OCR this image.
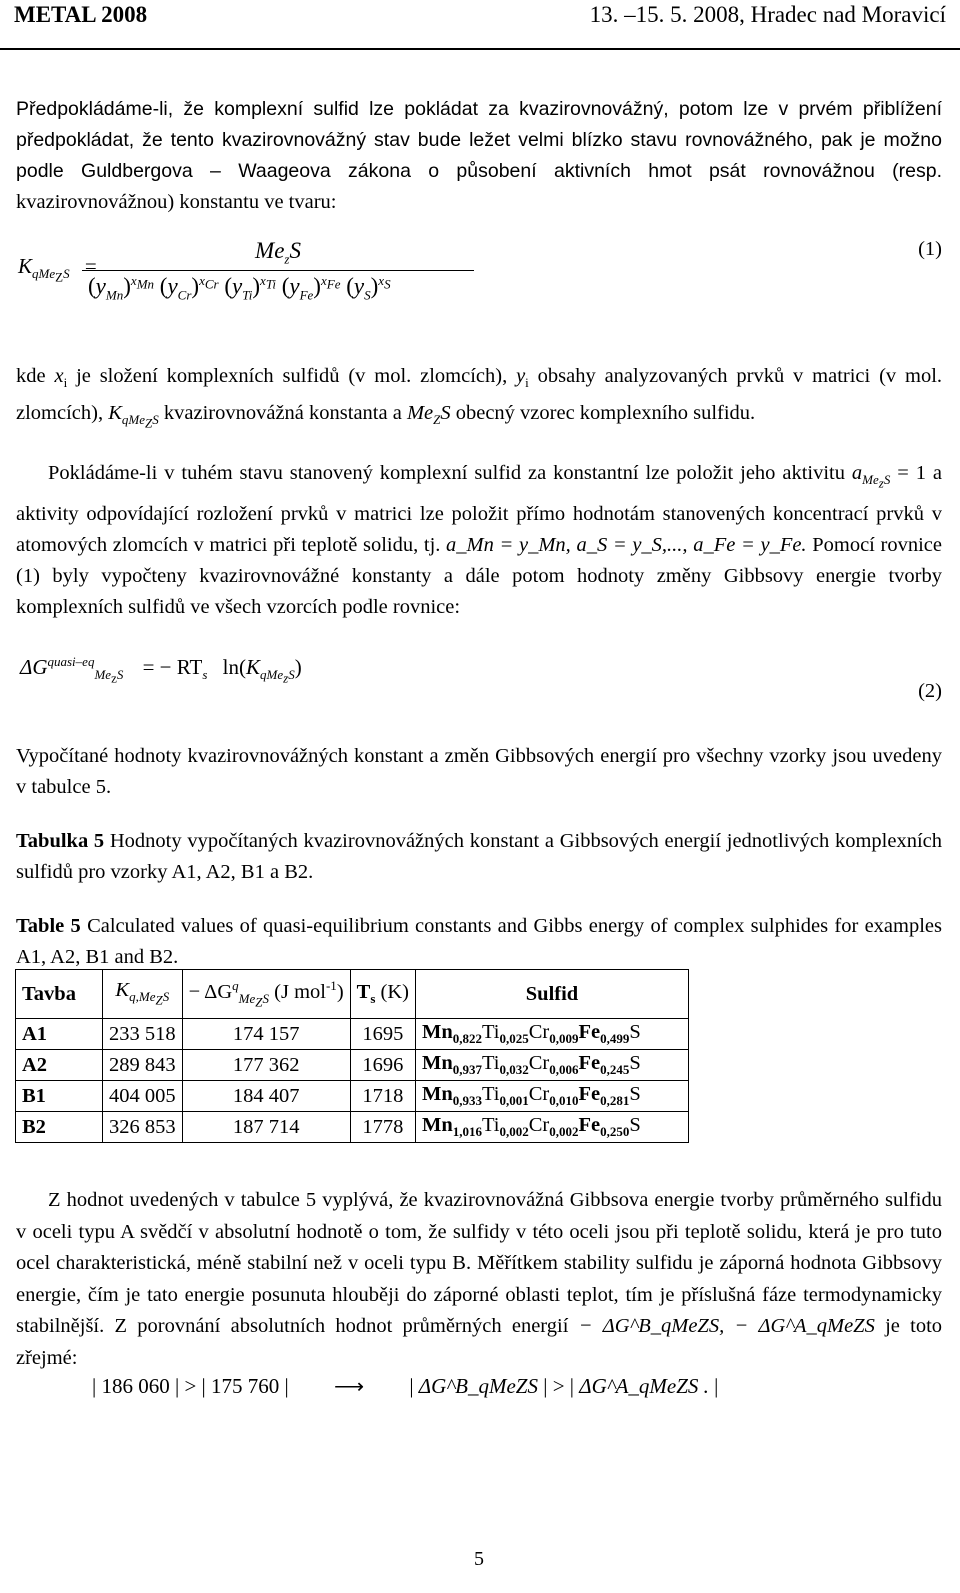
METAL 2008	13. –15. 5. 2008, Hradec nad Moravicí
Předpokládáme-li, že komplexní sulfid lze pokládat za kvazirovnovážný, potom lze v prvém přiblížení předpokládat, že tento kvazirovnovážný stav bude ležet velmi blízko stavu rovnovážného, pak je možno podle Guldbergova – Waageova zákona o působení aktivních hmot psát rovnovážnou (resp. kvazirovnovážnou) konstantu ve tvaru:
$K_{qMe_ZS}$ =
$Me_zS$
$(y_{Mn})^{x_{Mn}}$ $(y_{Cr})^{x_{Cr}}$ $(y_{Ti})^{x_{Ti}}$ $(y_{Fe})^{x_{Fe}}$ $(y_S)^{x_S}$
(1)
kde $x_i$ je složení komplexních sulfidů (v mol. zlomcích), $y_i$ obsahy analyzovaných prvků v matrici (v mol. zlomcích), $K_{qMe_ZS}$ kvazirovnovážná konstanta a $Me_ZS$ obecný vzorec komplexního sulfidu.
Pokládáme-li v tuhém stavu stanovený komplexní sulfid za konstantní lze položit jeho aktivitu $a_{Me_zS} = 1$ a aktivity odpovídající rozložení prvků v matrici lze položit přímo hodnotám stanovených koncentrací prvků v atomových zlomcích v matrici při teplotě solidu, tj. a_Mn = y_Mn, a_S = y_S,..., a_Fe = y_Fe. Pomocí rovnice (1) byly vypočteny kvazirovnovážné konstanty a dále potom hodnoty změny Gibbsovy energie tvorby komplexních sulfidů ve všech vzorcích podle rovnice:
$\Delta G^{quasi-eq}_{Me_zS}$ = − $RT_s$ $\ln(K_{qMe_zS})$
(2)
Vypočítané hodnoty kvazirovnovážných konstant a změn Gibbsových energií pro všechny vzorky jsou uvedeny v tabulce 5.
Tabulka 5 Hodnoty vypočítaných kvazirovnovážných konstant a Gibbsových energií jednotlivých komplexních sulfidů pro vzorky A1, A2, B1 a B2.
Table 5 Calculated values of quasi-equilibrium constants and Gibbs energy of complex sulphides for examples A1, A2, B1 and B2.
Tavba	$K_{q,Me_ZS}$	− $\Delta G^q_{Me_ZS}$ (J mol$^{-1}$)	$T_s$ (K)	Sulfid
A1	233 518	174 157	1695	$Mn_{0,822}Ti_{0,025}Cr_{0,009}Fe_{0,499}S$
A2	289 843	177 362	1696	$Mn_{0,937}Ti_{0,032}Cr_{0,006}Fe_{0,245}S$
B1	404 005	184 407	1718	$Mn_{0,933}Ti_{0,001}Cr_{0,010}Fe_{0,281}S$
B2	326 853	187 714	1778	$Mn_{1,016}Ti_{0,002}Cr_{0,002}Fe_{0,250}S$
Z hodnot uvedených v tabulce 5 vyplývá, že kvazirovnovážná Gibbsova energie tvorby průměrného sulfidu v oceli typu A svědčí v absolutní hodnotě o tom, že sulfidy v této oceli jsou při teplotě solidu, která je pro tuto ocel charakteristická, méně stabilní než v oceli typu B. Měřítkem stability sulfidu je záporná hodnota Gibbsovy energie, čím je tato energie posunuta hlouběji do záporné oblasti teplot, tím je příslušná fáze termodynamicky stabilnější. Z porovnání absolutních hodnot průměrných energií − ΔG^B_qMeZS, − ΔG^A_qMeZS je toto zřejmé:
| 186 060 | > | 175 760 | ⟶ | ΔG^B_qMeZS | > | ΔG^A_qMeZS . |
5
